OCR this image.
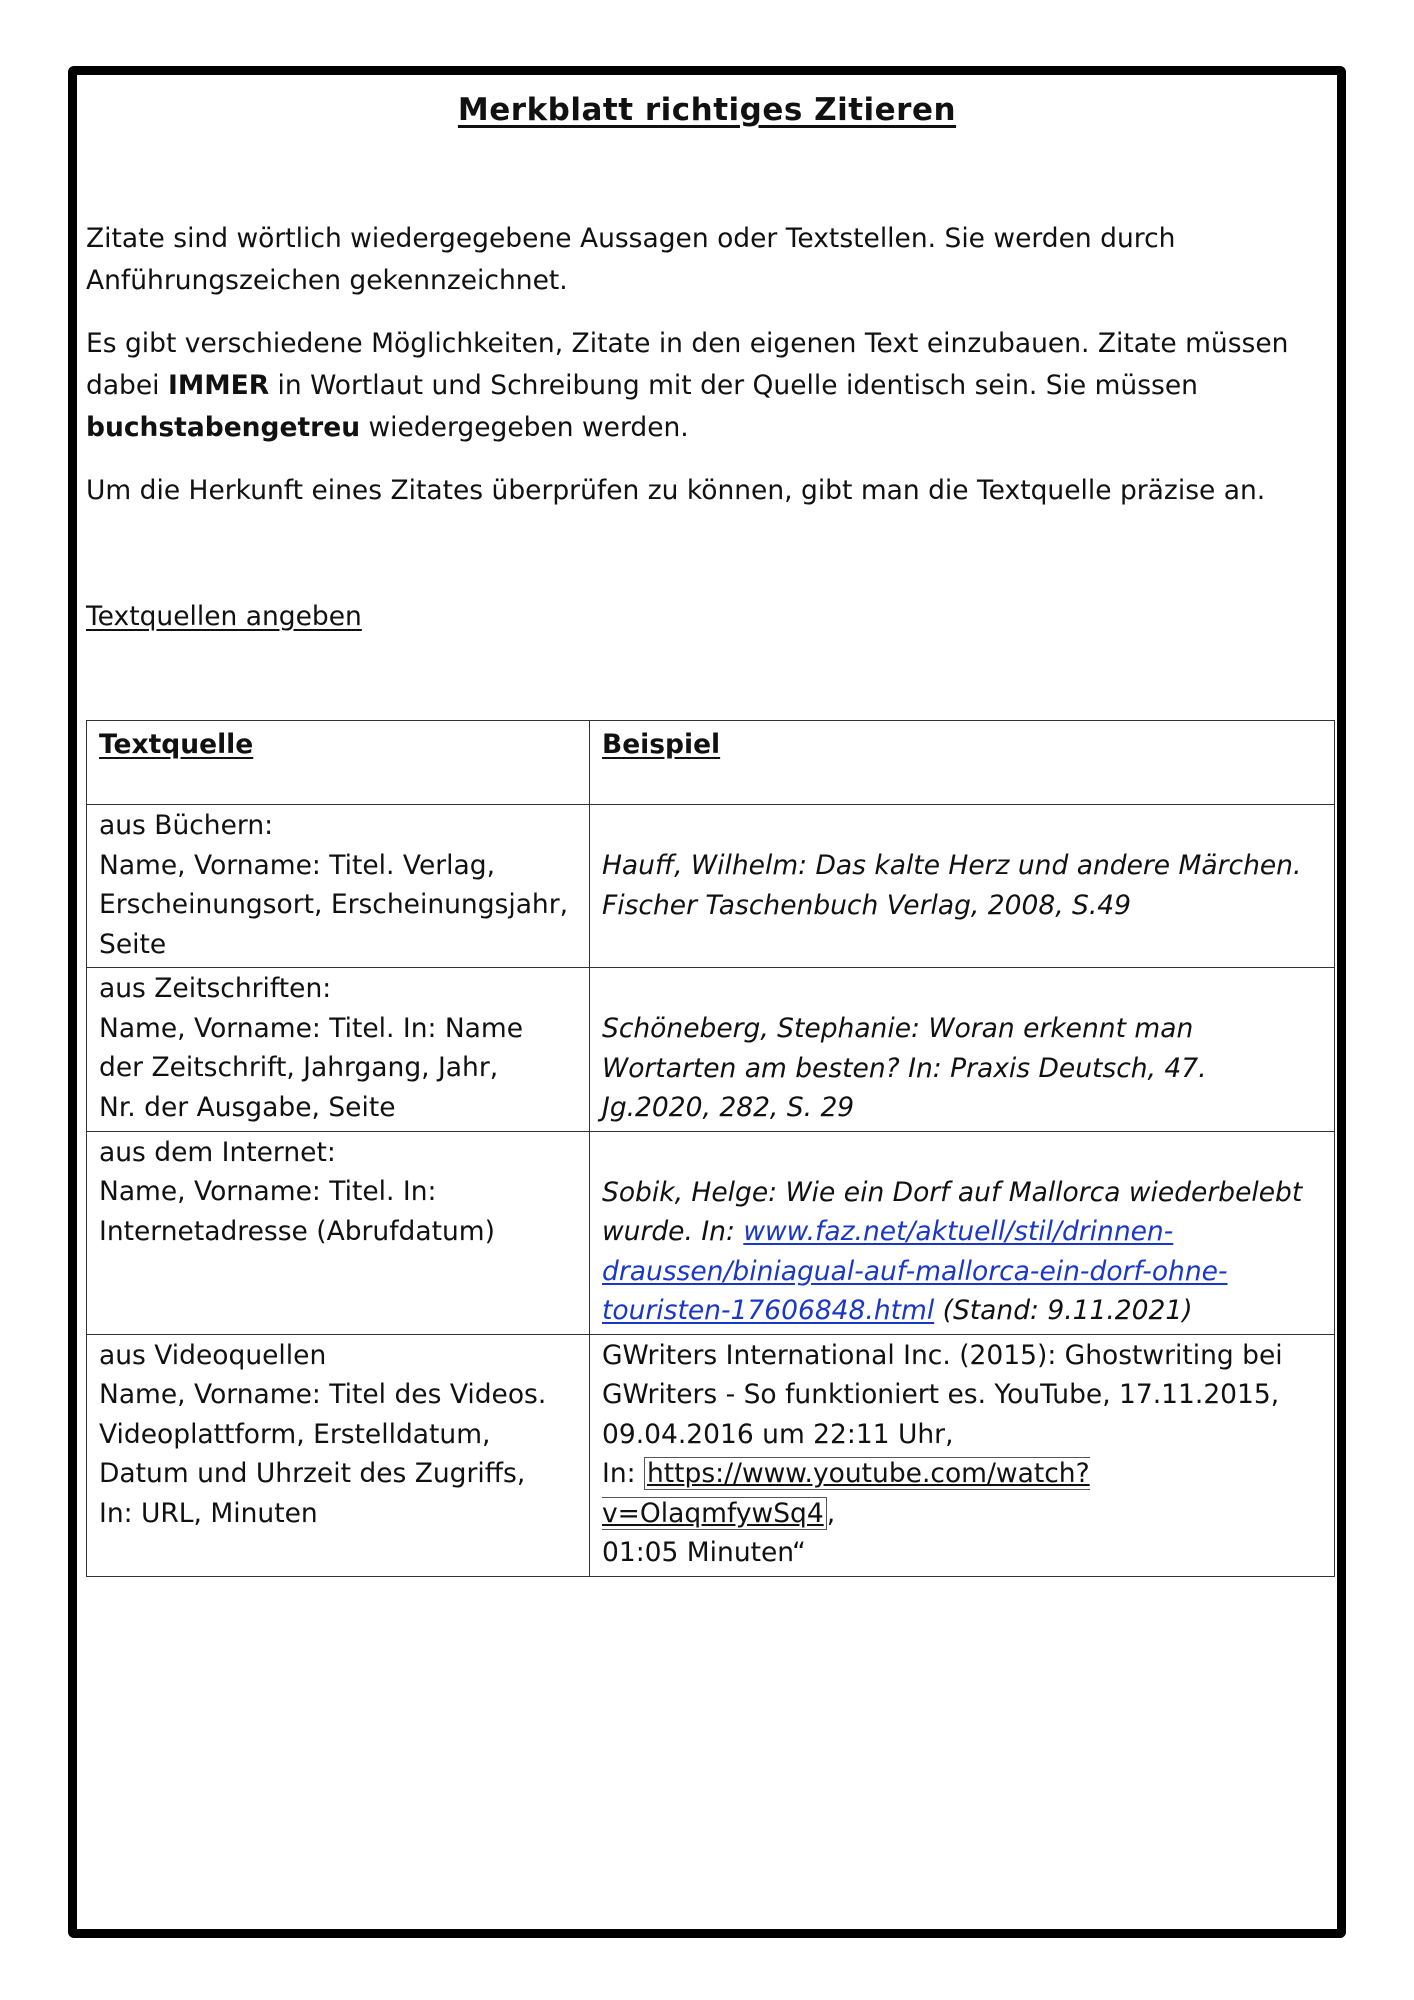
Merkblatt richtiges Zitieren
Zitate sind wörtlich wiedergegebene Aussagen oder Textstellen. Sie werden durch Anführungszeichen gekennzeichnet.
Es gibt verschiedene Möglichkeiten, Zitate in den eigenen Text einzubauen. Zitate müssen dabei IMMER in Wortlaut und Schreibung mit der Quelle identisch sein. Sie müssen buchstabengetreu wiedergegeben werden.
Um die Herkunft eines Zitates überprüfen zu können, gibt man die Textquelle präzise an.
Textquellen angeben
Textquelle	Beispiel

aus Büchern:
Name, Vorname: Titel. Verlag,
Erscheinungsort, Erscheinungsjahr,
Seite	Hauff, Wilhelm: Das kalte Herz und andere Märchen.
Fischer Taschenbuch Verlag, 2008, S.49

aus Zeitschriften:
Name, Vorname: Titel. In: Name
der Zeitschrift, Jahrgang, Jahr,
Nr. der Ausgabe, Seite	Schöneberg, Stephanie: Woran erkennt man
Wortarten am besten? In: Praxis Deutsch, 47.
Jg.2020, 282, S. 29

aus dem Internet:
Name, Vorname: Titel. In:
Internetadresse (Abrufdatum)	Sobik, Helge: Wie ein Dorf auf Mallorca wiederbelebt
wurde. In: www.faz.net/aktuell/stil/drinnen-
draussen/biniagual-auf-mallorca-ein-dorf-ohne-
touristen-17606848.html (Stand: 9.11.2021)

aus Videoquellen
Name, Vorname: Titel des Videos.
Videoplattform, Erstelldatum,
Datum und Uhrzeit des Zugriffs,
In: URL, Minuten	GWriters International Inc. (2015): Ghostwriting bei
GWriters - So funktioniert es. YouTube, 17.11.2015,
09.04.2016 um 22:11 Uhr,
In: https://www.youtube.com/watch?v=OlaqmfywSq4 ,
01:05 Minuten“
